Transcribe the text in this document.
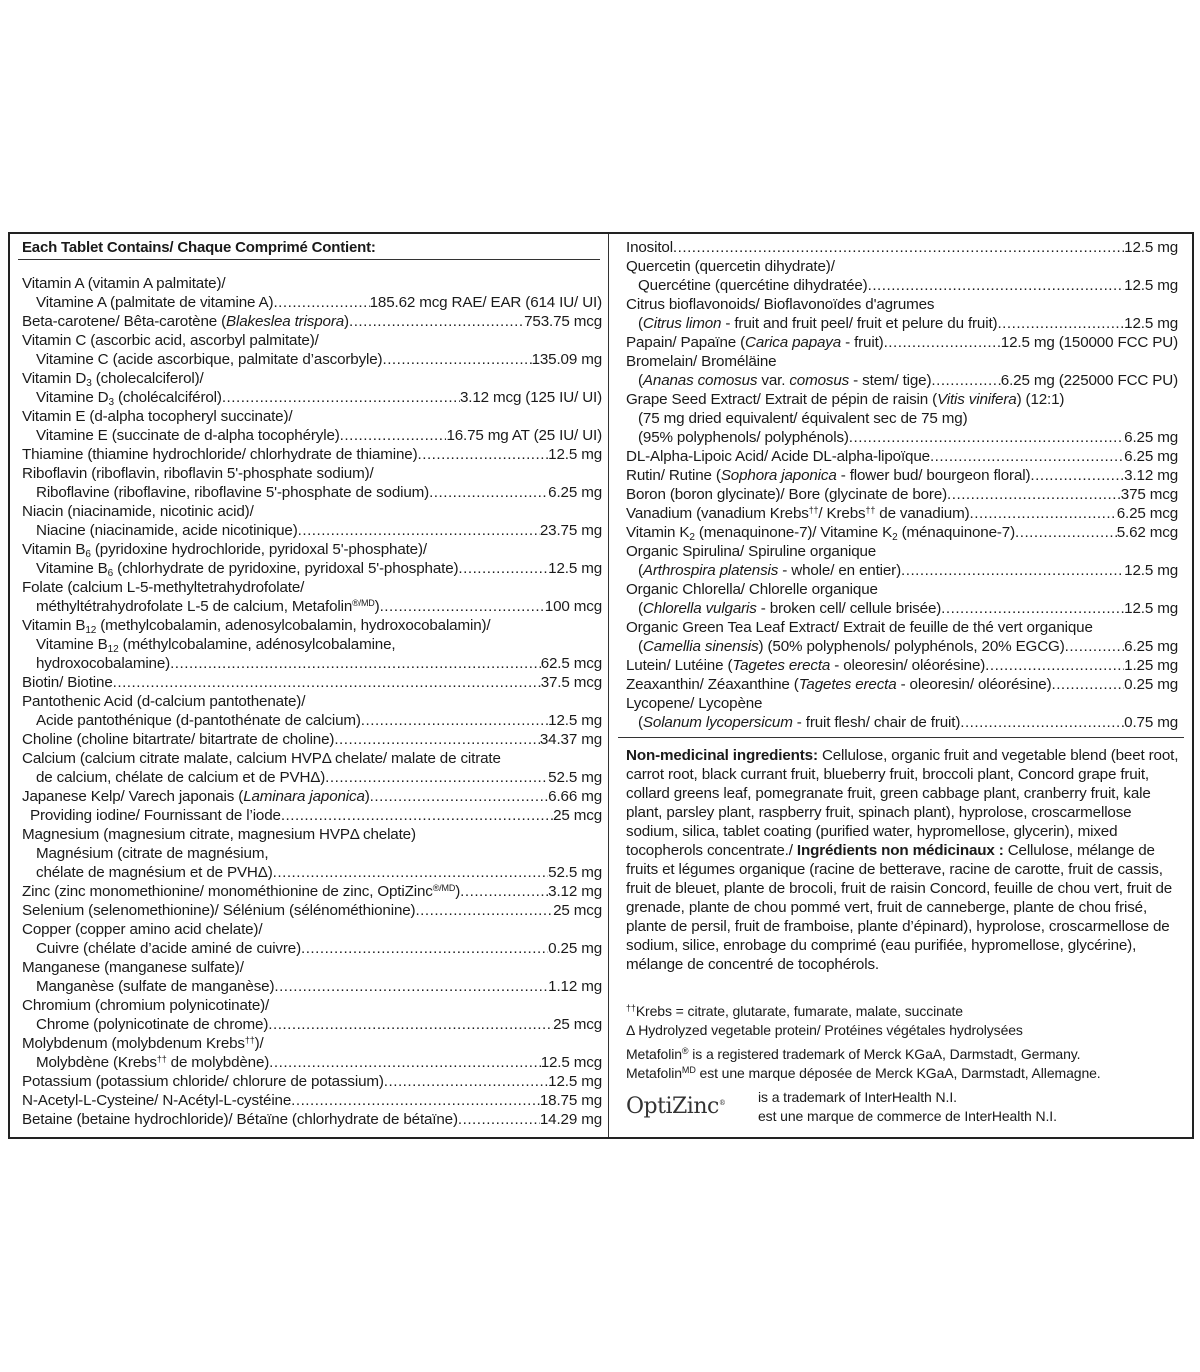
Each Tablet Contains/ Chaque Comprimé Contient:
Vitamin A (vitamin A palmitate)/
Vitamine A (palmitate de vitamine A) .....	185.62 mcg RAE/ EAR (614 IU/ UI)
Beta-carotene/ Bêta-carotène (Blakeslea trispora) .....	753.75 mcg
Vitamin C (ascorbic acid, ascorbyl palmitate)/
Vitamine C (acide ascorbique, palmitate d’ascorbyle) .....	135.09 mg
Vitamin $D_3$ (cholecalciferol)/
Vitamine $D_3$ (cholécalciférol) .....	3.12 mcg (125 IU/ UI)
Vitamin E (d-alpha tocopheryl succinate)/
Vitamine E (succinate de d-alpha tocophéryle) .....	16.75 mg AT (25 IU/ UI)
Thiamine (thiamine hydrochloride/ chlorhydrate de thiamine) .....	12.5 mg
Riboflavin (riboflavin, riboflavin 5'-phosphate sodium)/
Riboflavine (riboflavine, riboflavine 5'-phosphate de sodium) .....	6.25 mg
Niacin (niacinamide, nicotinic acid)/
Niacine (niacinamide, acide nicotinique) .....	23.75 mg
Vitamin $B_6$ (pyridoxine hydrochloride, pyridoxal 5'-phosphate)/
Vitamine $B_6$ (chlorhydrate de pyridoxine, pyridoxal 5'-phosphate) .....	12.5 mg
Folate (calcium L-5-methyltetrahydrofolate/
méthyltétrahydrofolate L-5 de calcium, Metafolin$^{®/MD}$) .....	100 mcg
Vitamin $B_{12}$ (methylcobalamin, adenosylcobalamin, hydroxocobalamin)/
Vitamine $B_{12}$ (méthylcobalamine, adénosylcobalamine,
hydroxocobalamine) .....	62.5 mcg
Biotin/ Biotine .....	37.5 mcg
Pantothenic Acid (d-calcium pantothenate)/
Acide pantothénique (d-pantothénate de calcium) .....	12.5 mg
Choline (choline bitartrate/ bitartrate de choline) .....	34.37 mg
Calcium (calcium citrate malate, calcium HVPΔ chelate/ malate de citrate
de calcium, chélate de calcium et de PVHΔ) .....	52.5 mg
Japanese Kelp/ Varech japonais (Laminara japonica) .....	6.66 mg
Providing iodine/ Fournissant de l’iode .....	25 mcg
Magnesium (magnesium citrate, magnesium HVPΔ chelate)
Magnésium (citrate de magnésium,
chélate de magnésium et de PVHΔ) .....	52.5 mg
Zinc (zinc monomethionine/ monométhionine de zinc, OptiZinc$^{®/MD}$) .....	3.12 mg
Selenium (selenomethionine)/ Sélénium (sélénométhionine) .....	25 mcg
Copper (copper amino acid chelate)/
Cuivre (chélate d’acide aminé de cuivre) .....	0.25 mg
Manganese (manganese sulfate)/
Manganèse (sulfate de manganèse) .....	1.12 mg
Chromium (chromium polynicotinate)/
Chrome (polynicotinate de chrome) .....	25 mcg
Molybdenum (molybdenum Krebs††)/
Molybdène (Krebs†† de molybdène) .....	12.5 mcg
Potassium (potassium chloride/ chlorure de potassium) .....	12.5 mg
N-Acetyl-L-Cysteine/ N-Acétyl-L-cystéine .....	18.75 mg
Betaine (betaine hydrochloride)/ Bétaïne (chlorhydrate de bétaïne) .....	14.29 mg
Inositol .....	12.5 mg
Quercetin (quercetin dihydrate)/
Quercétine (quercétine dihydratée) .....	12.5 mg
Citrus bioflavonoids/ Bioflavonoïdes d'agrumes
(Citrus limon - fruit and fruit peel/ fruit et pelure du fruit) .....	12.5 mg
Papain/ Papaïne (Carica papaya - fruit) .....	12.5 mg (150000 FCC PU)
Bromelain/ Broméläine
(Ananas comosus var. comosus - stem/ tige) .....	6.25 mg (225000 FCC PU)
Grape Seed Extract/ Extrait de pépin de raisin (Vitis vinifera) (12:1)
(75 mg dried equivalent/ équivalent sec de 75 mg)
(95% polyphenols/ polyphénols) .....	6.25 mg
DL-Alpha-Lipoic Acid/ Acide DL-alpha-lipoïque .....	6.25 mg
Rutin/ Rutine (Sophora japonica - flower bud/ bourgeon floral) .....	3.12 mg
Boron (boron glycinate)/ Bore (glycinate de bore) .....	375 mcg
Vanadium (vanadium Krebs††/ Krebs†† de vanadium) .....	6.25 mcg
Vitamin $K_2$ (menaquinone-7)/ Vitamine $K_2$ (ménaquinone-7) .....	5.62 mcg
Organic Spirulina/ Spiruline organique
(Arthrospira platensis - whole/ en entier) .....	12.5 mg
Organic Chlorella/ Chlorelle organique
(Chlorella vulgaris - broken cell/ cellule brisée) .....	12.5 mg
Organic Green Tea Leaf Extract/ Extrait de feuille de thé vert organique
(Camellia sinensis) (50% polyphenols/ polyphénols, 20% EGCG) .....	6.25 mg
Lutein/ Lutéine (Tagetes erecta - oleoresin/ oléorésine) .....	1.25 mg
Zeaxanthin/ Zéaxanthine (Tagetes erecta - oleoresin/ oléorésine) .....	0.25 mg
Lycopene/ Lycopène
(Solanum lycopersicum - fruit flesh/ chair de fruit) .....	0.75 mg
Non-medicinal ingredients: Cellulose, organic fruit and vegetable blend (beet root, carrot root, black currant fruit, blueberry fruit, broccoli plant, Concord grape fruit, collard greens leaf, pomegranate fruit, green cabbage plant, cranberry fruit, kale plant, parsley plant, raspberry fruit, spinach plant), hyprolose, croscarmellose sodium, silica, tablet coating (purified water, hypromellose, glycerin), mixed tocopherols concentrate./ Ingrédients non médicinaux : Cellulose, mélange de fruits et légumes organique (racine de betterave, racine de carotte, fruit de cassis, fruit de bleuet, plante de brocoli, fruit de raisin Concord, feuille de chou vert, fruit de grenade, plante de chou pommé vert, fruit de canneberge, plante de chou frisé, plante de persil, fruit de framboise, plante d’épinard), hyprolose, croscarmellose de sodium, silice, enrobage du comprimé (eau purifiée, hypromellose, glycérine), mélange de concentré de tocophérols.
††Krebs = citrate, glutarate, fumarate, malate, succinate
Δ Hydrolyzed vegetable protein/ Protéines végétales hydrolysées
Metafolin® is a registered trademark of Merck KGaA, Darmstadt, Germany.
Metafolin$^{MD}$ est une marque déposée de Merck KGaA, Darmstadt, Allemagne.
OptiZinc® is a trademark of InterHealth N.I.
est une marque de commerce de InterHealth N.I.
